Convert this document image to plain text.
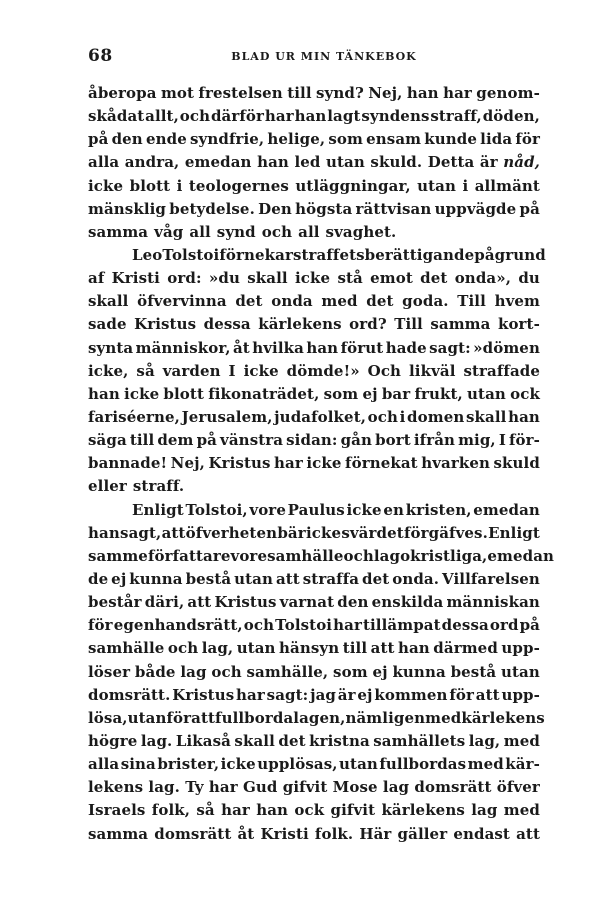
68	BLAD UR MIN TÄNKEBOK
åberopa mot frestelsen till synd? Nej, han har genom-
skådat allt, och därför har han lagt syndens straff, döden,
på den ende syndfrie, helige, som ensam kunde lida för
alla andra, emedan han led utan skuld. Detta är nåd,
icke blott i teologernes utläggningar, utan i allmänt
mänsklig betydelse. Den högsta rättvisan uppvägde på
samma våg all synd och all svaghet.
Leo Tolstoi förnekar straffets berättigande på grund
af Kristi ord: »du skall icke stå emot det onda», du
skall öfvervinna det onda med det goda. Till hvem
sade Kristus dessa kärlekens ord? Till samma kort-
synta människor, åt hvilka han förut hade sagt: »dömen
icke, så varden I icke dömde!» Och likväl straffade
han icke blott fikonaträdet, som ej bar frukt, utan ock
fariséerne, Jerusalem, judafolket, och i domen skall han
säga till dem på vänstra sidan: gån bort ifrån mig, I för-
bannade! Nej, Kristus har icke förnekat hvarken skuld
eller straff.
Enligt Tolstoi, vore Paulus icke en kristen, emedan
han sagt, att öfverheten bär icke svärdet förgäfves. Enligt
samme författare vore samhälle och lag okristliga, emedan
de ej kunna bestå utan att straffa det onda. Villfarelsen
består däri, att Kristus varnat den enskilda människan
för egenhandsrätt, och Tolstoi har tillämpat dessa ord på
samhälle och lag, utan hänsyn till att han därmed upp-
löser både lag och samhälle, som ej kunna bestå utan
domsrätt. Kristus har sagt: jag är ej kommen för att upp-
lösa, utan för att fullborda lagen, nämligen med kärlekens
högre lag. Likaså skall det kristna samhällets lag, med
alla sina brister, icke upplösas, utan fullbordas med kär-
lekens lag. Ty har Gud gifvit Mose lag domsrätt öfver
Israels folk, så har han ock gifvit kärlekens lag med
samma domsrätt åt Kristi folk. Här gäller endast att
